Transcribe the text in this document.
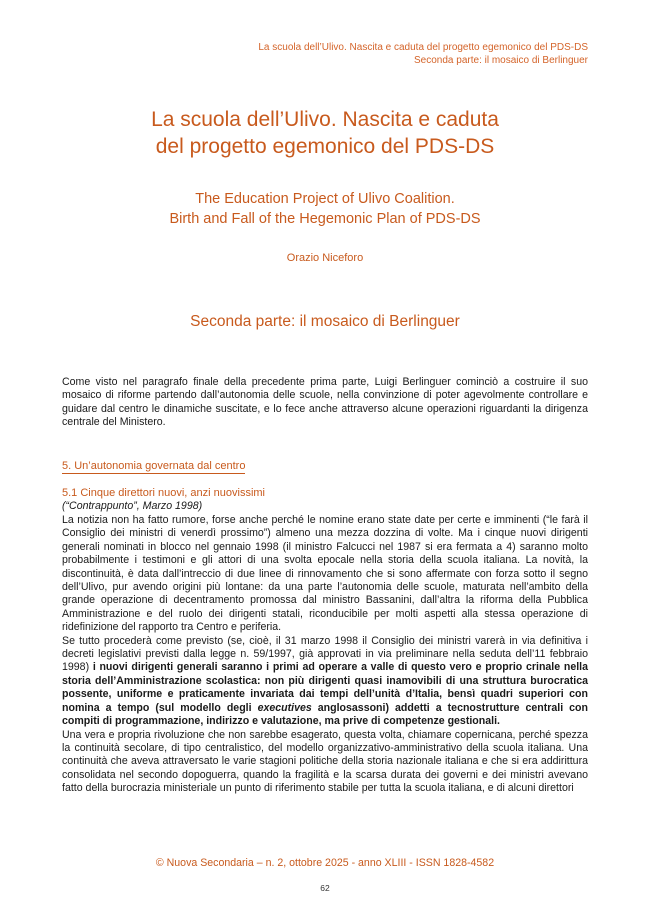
La scuola dell’Ulivo. Nascita e caduta del progetto egemonico del PDS-DS
Seconda parte: il mosaico di Berlinguer
La scuola dell’Ulivo. Nascita e caduta
del progetto egemonico del PDS-DS
The Education Project of Ulivo Coalition.
Birth and Fall of the Hegemonic Plan of PDS-DS
Orazio Niceforo
Seconda parte: il mosaico di Berlinguer

Come visto nel paragrafo finale della precedente prima parte, Luigi Berlinguer cominciò a costruire il suo mosaico di riforme partendo dall’autonomia delle scuole, nella convinzione di poter agevolmente controllare e guidare dal centro le dinamiche suscitate, e lo fece anche attraverso alcune operazioni riguardanti la dirigenza centrale del Ministero.

5. Un’autonomia governata dal centro
5.1 Cinque direttori nuovi, anzi nuovissimi
(“Contrappunto”, Marzo 1998)

La notizia non ha fatto rumore, forse anche perché le nomine erano state date per certe e imminenti (“le farà il Consiglio dei ministri di venerdì prossimo”) almeno una mezza dozzina di volte. Ma i cinque nuovi dirigenti generali nominati in blocco nel gennaio 1998 (il ministro Falcucci nel 1987 si era fermata a 4) saranno molto probabilmente i testimoni e gli attori di una svolta epocale nella storia della scuola italiana. La novità, la discontinuità, è data dall’intreccio di due linee di rinnovamento che si sono affermate con forza sotto il segno dell’Ulivo, pur avendo origini più lontane: da una parte l’autonomia delle scuole, maturata nell’ambito della grande operazione di decentramento promossa dal ministro Bassanini, dall’altra la riforma della Pubblica Amministrazione e del ruolo dei dirigenti statali, riconducibile per molti aspetti alla stessa operazione di ridefinizione del rapporto tra Centro e periferia.

Se tutto procederà come previsto (se, cioè, il 31 marzo 1998 il Consiglio dei ministri varerà in via definitiva i decreti legislativi previsti dalla legge n. 59/1997, già approvati in via preliminare nella seduta dell’11 febbraio 1998) i nuovi dirigenti generali saranno i primi ad operare a valle di questo vero e proprio crinale nella storia dell’Amministrazione scolastica: non più dirigenti quasi inamovibili di una struttura burocratica possente, uniforme e praticamente invariata dai tempi dell’unità d’Italia, bensì quadri superiori con nomina a tempo (sul modello degli executives anglosassoni) addetti a tecnostrutture centrali con compiti di programmazione, indirizzo e valutazione, ma prive di competenze gestionali.

Una vera e propria rivoluzione che non sarebbe esagerato, questa volta, chiamare copernicana, perché spezza la continuità secolare, di tipo centralistico, del modello organizzativo-amministrativo della scuola italiana. Una continuità che aveva attraversato le varie stagioni politiche della storia nazionale italiana e che si era addirittura consolidata nel secondo dopoguerra, quando la fragilità e la scarsa durata dei governi e dei ministri avevano fatto della burocrazia ministeriale un punto di riferimento stabile per tutta la scuola italiana, e di alcuni direttori

© Nuova Secondaria – n. 2, ottobre 2025 - anno XLIII - ISSN 1828-4582
62
